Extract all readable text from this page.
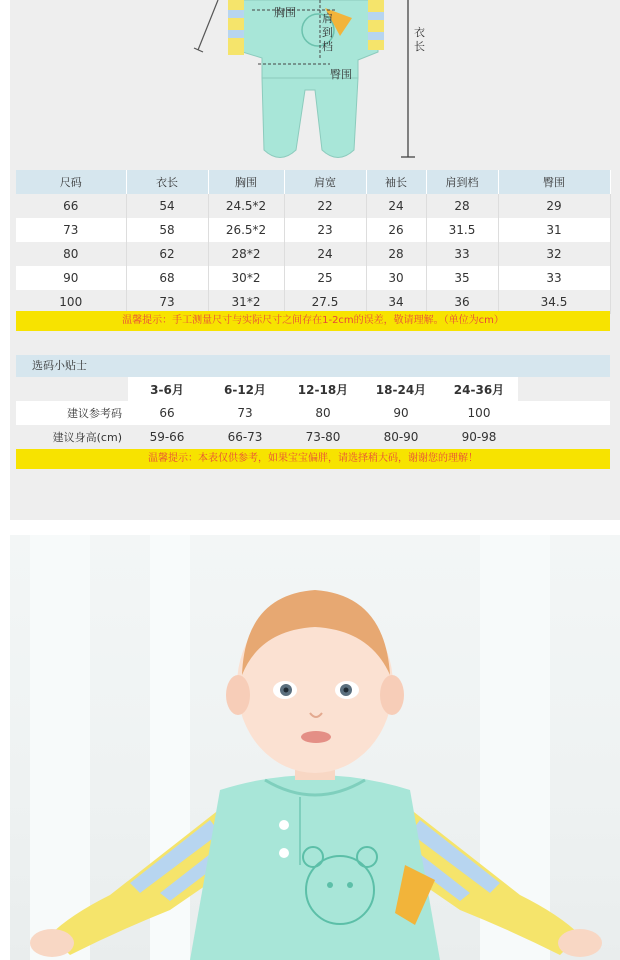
胸围 肩到档
臀围
衣长
尺码	衣长	胸围	肩宽	袖长	肩到档	臀围
66	54	24.5*2	22	24	28	29
73	58	26.5*2	23	26	31.5	31
80	62	28*2	24	28	33	32
90	68	30*2	25	30	35	33
100	73	31*2	27.5	34	36	34.5
温馨提示：手工测量尺寸与实际尺寸之间存在1-2cm的误差，敬请理解。（单位为cm）
选码小贴士
	3-6月	6-12月	12-18月	18-24月	24-36月	
建议参考码	66	73	80	90	100	
建议身高(cm)	59-66	66-73	73-80	80-90	90-98	
温馨提示：本表仅供参考，如果宝宝偏胖，请选择稍大码，谢谢您的理解！
